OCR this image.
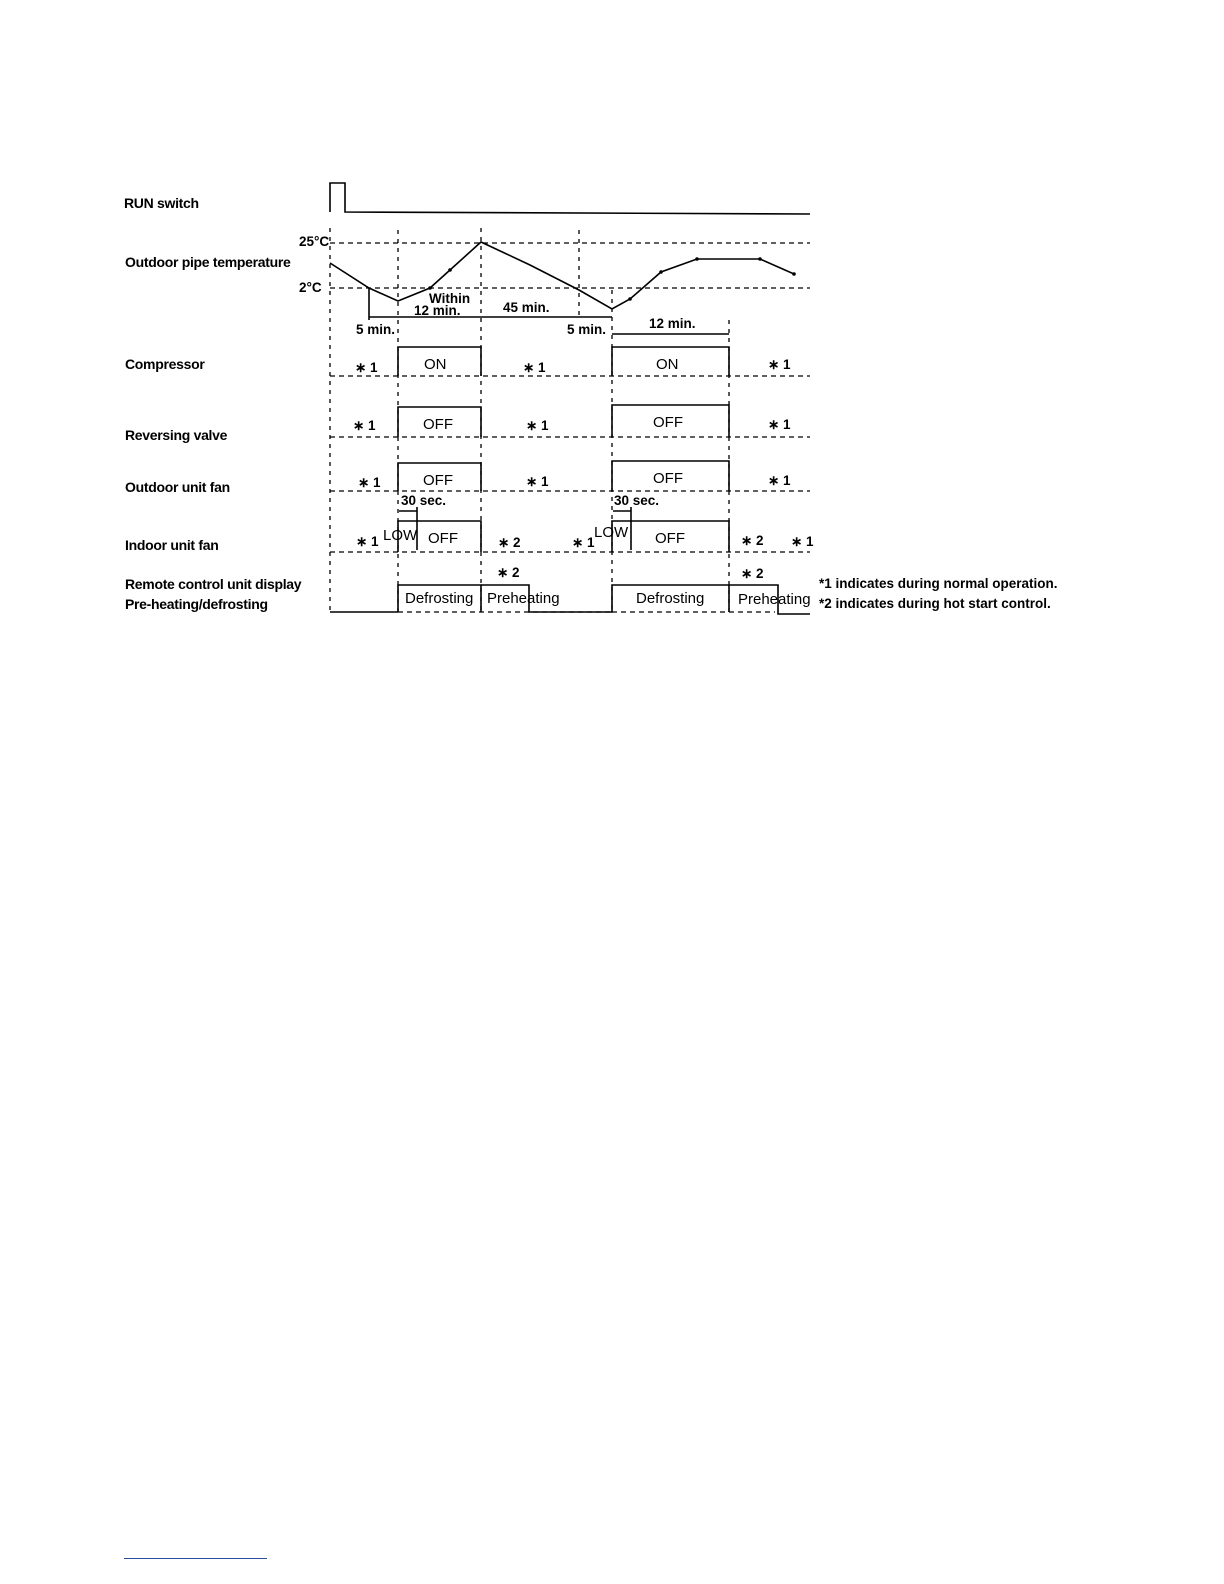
RUN switch
Outdoor pipe temperature
Compressor
Reversing valve
Outdoor unit fan
Indoor unit fan
Remote control unit display
Pre-heating/defrosting
25°C
2°C
5 min.
Within
12 min.	45 min.
5 min.	12 min.
ON	ON
∗ 1	∗ 1	∗ 1
OFF	OFF
∗ 1	∗ 1	∗ 1
OFF	OFF
∗ 1	∗ 1	∗ 1
30 sec.	30 sec.
LOW	LOW
OFF	OFF
∗ 1	∗ 2	∗ 1	∗ 2 ∗ 1
∗ 2	∗ 2
Defrosting Preheating	Defrosting Preheating
*1 indicates during normal operation.
*2 indicates during hot start control.
